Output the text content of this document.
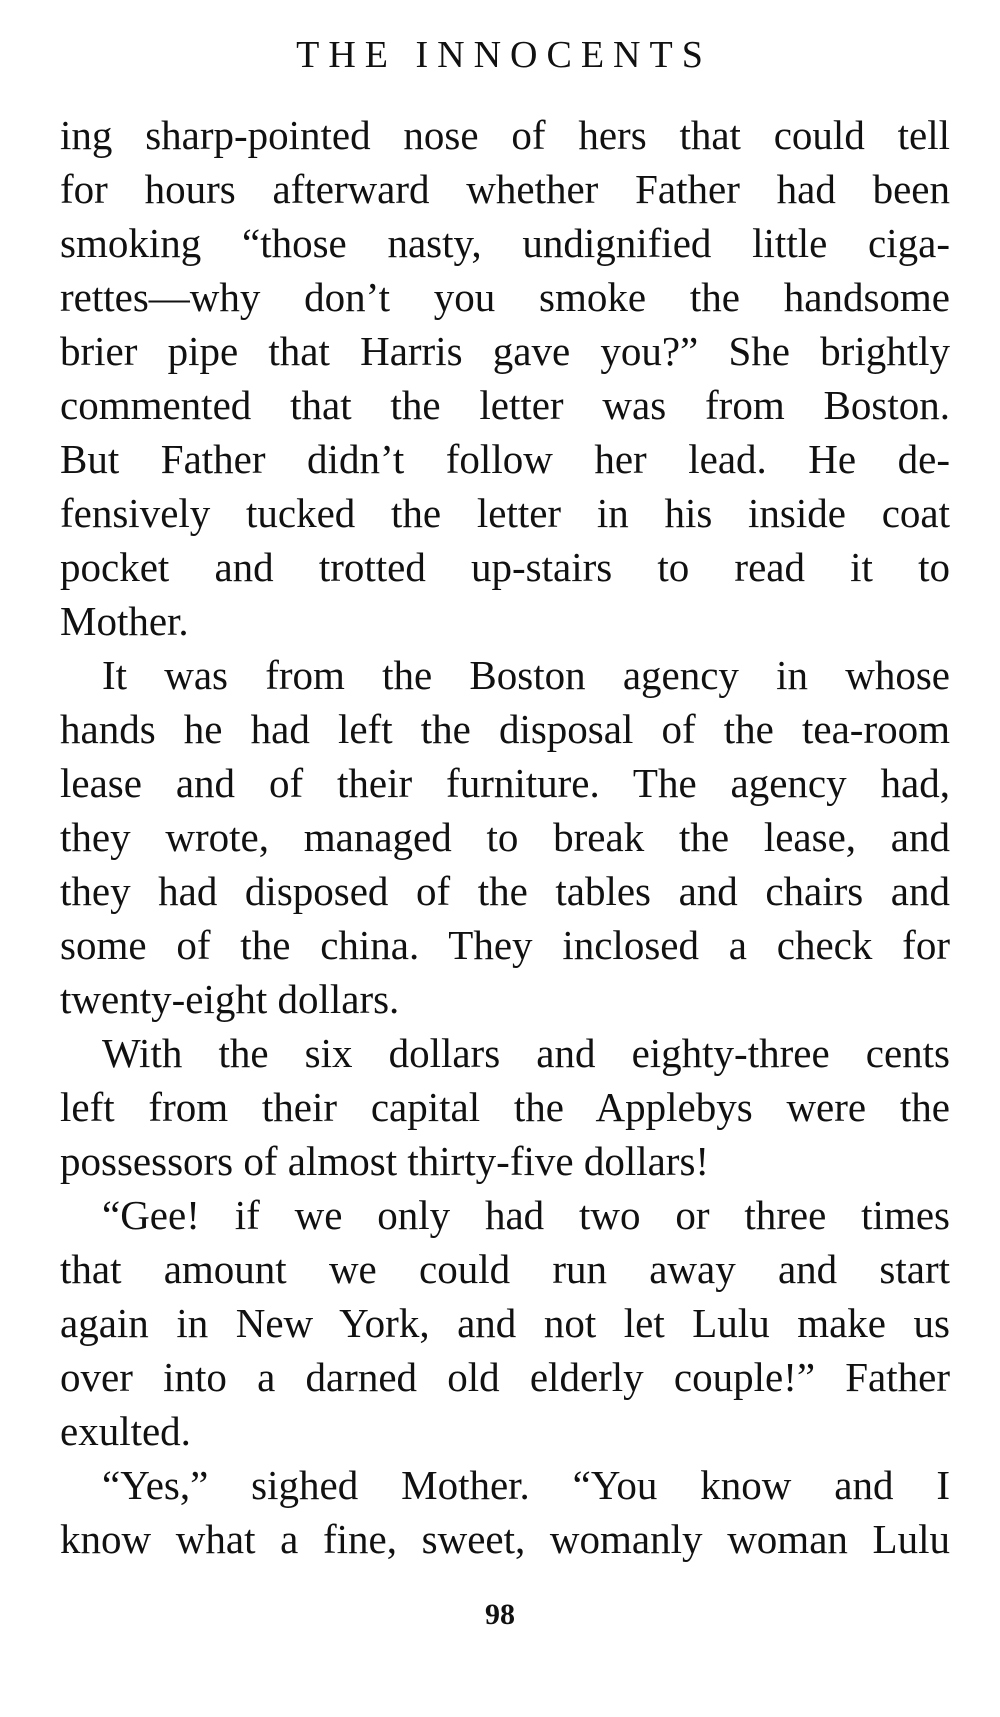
THE INNOCENTS
ing sharp-pointed nose of hers that could tell
for hours afterward whether Father had been
smoking “those nasty, undignified little ciga-
rettes—why don’t you smoke the handsome
brier pipe that Harris gave you?” She brightly
commented that the letter was from Boston.
But Father didn’t follow her lead. He de-
fensively tucked the letter in his inside coat
pocket and trotted up-stairs to read it to
Mother.
It was from the Boston agency in whose
hands he had left the disposal of the tea-room
lease and of their furniture. The agency had,
they wrote, managed to break the lease, and
they had disposed of the tables and chairs and
some of the china. They inclosed a check for
twenty-eight dollars.
With the six dollars and eighty-three cents
left from their capital the Applebys were the
possessors of almost thirty-five dollars!
“Gee! if we only had two or three times
that amount we could run away and start
again in New York, and not let Lulu make us
over into a darned old elderly couple!” Father
exulted.
“Yes,” sighed Mother. “You know and I
know what a fine, sweet, womanly woman Lulu
98
